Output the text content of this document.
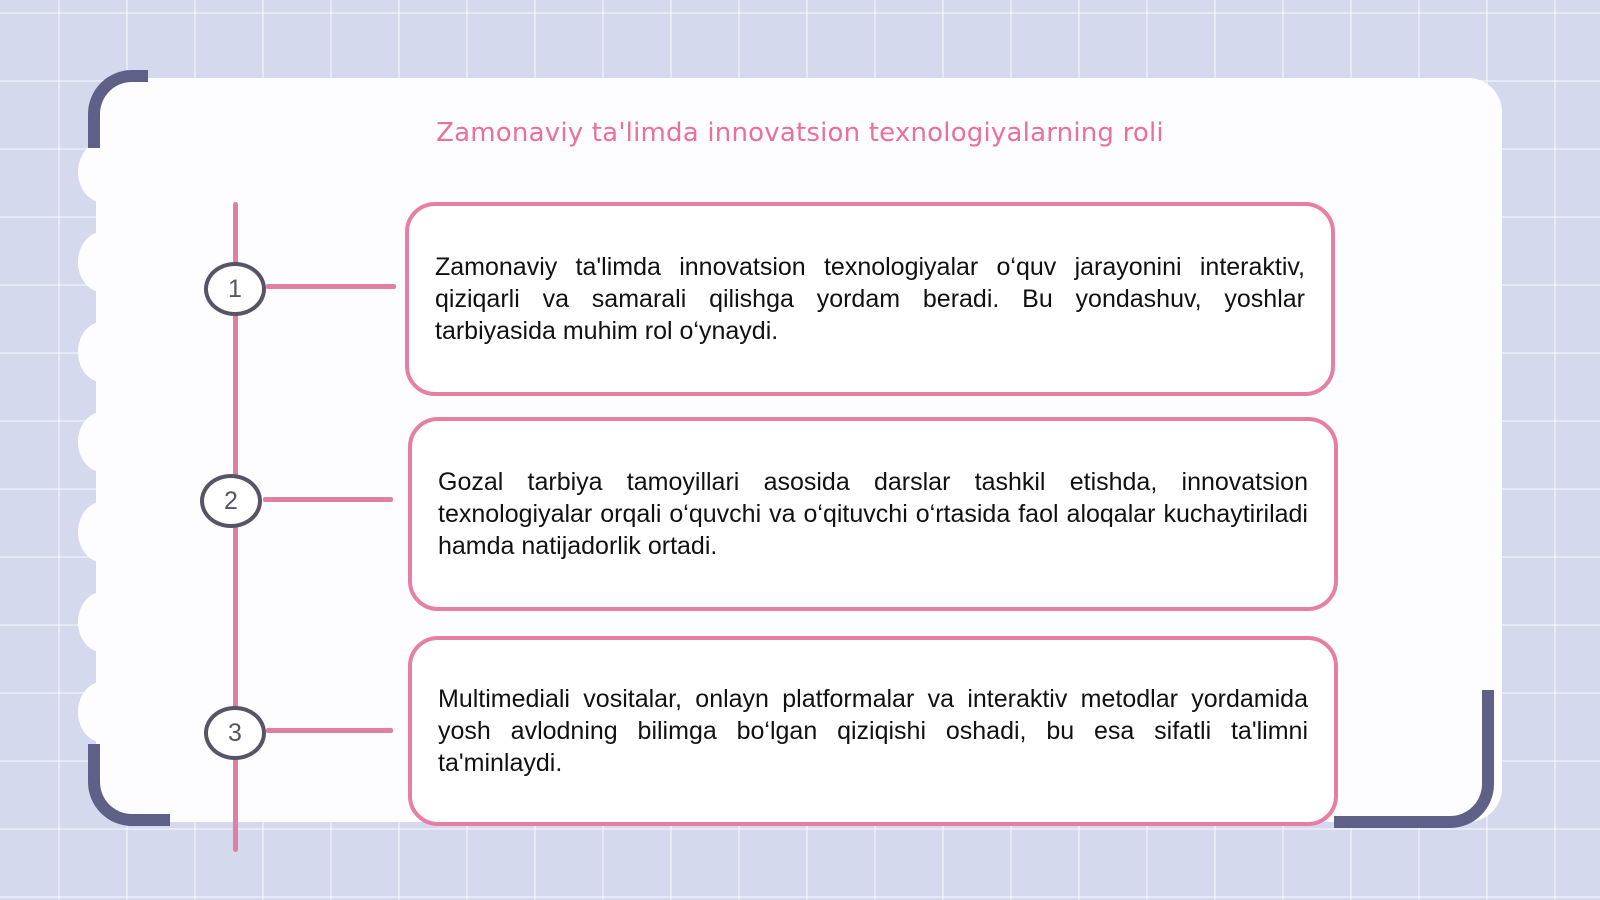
Zamonaviy ta'limda innovatsion texnologiyalarning roli
1

Zamonaviy ta'limda innovatsion texnologiyalar o‘quv jarayonini interaktiv, qiziqarli va samarali qilishga yordam beradi. Bu yondashuv, yoshlar tarbiyasida muhim rol o‘ynaydi.

2

Gozal tarbiya tamoyillari asosida darslar tashkil etishda, innovatsion texnologiyalar orqali o‘quvchi va o‘qituvchi o‘rtasida faol aloqalar kuchaytiriladi hamda natijadorlik ortadi.

3

Multimediali vositalar, onlayn platformalar va interaktiv metodlar yordamida yosh avlodning bilimga bo‘lgan qiziqishi oshadi, bu esa sifatli ta'limni ta'minlaydi.
